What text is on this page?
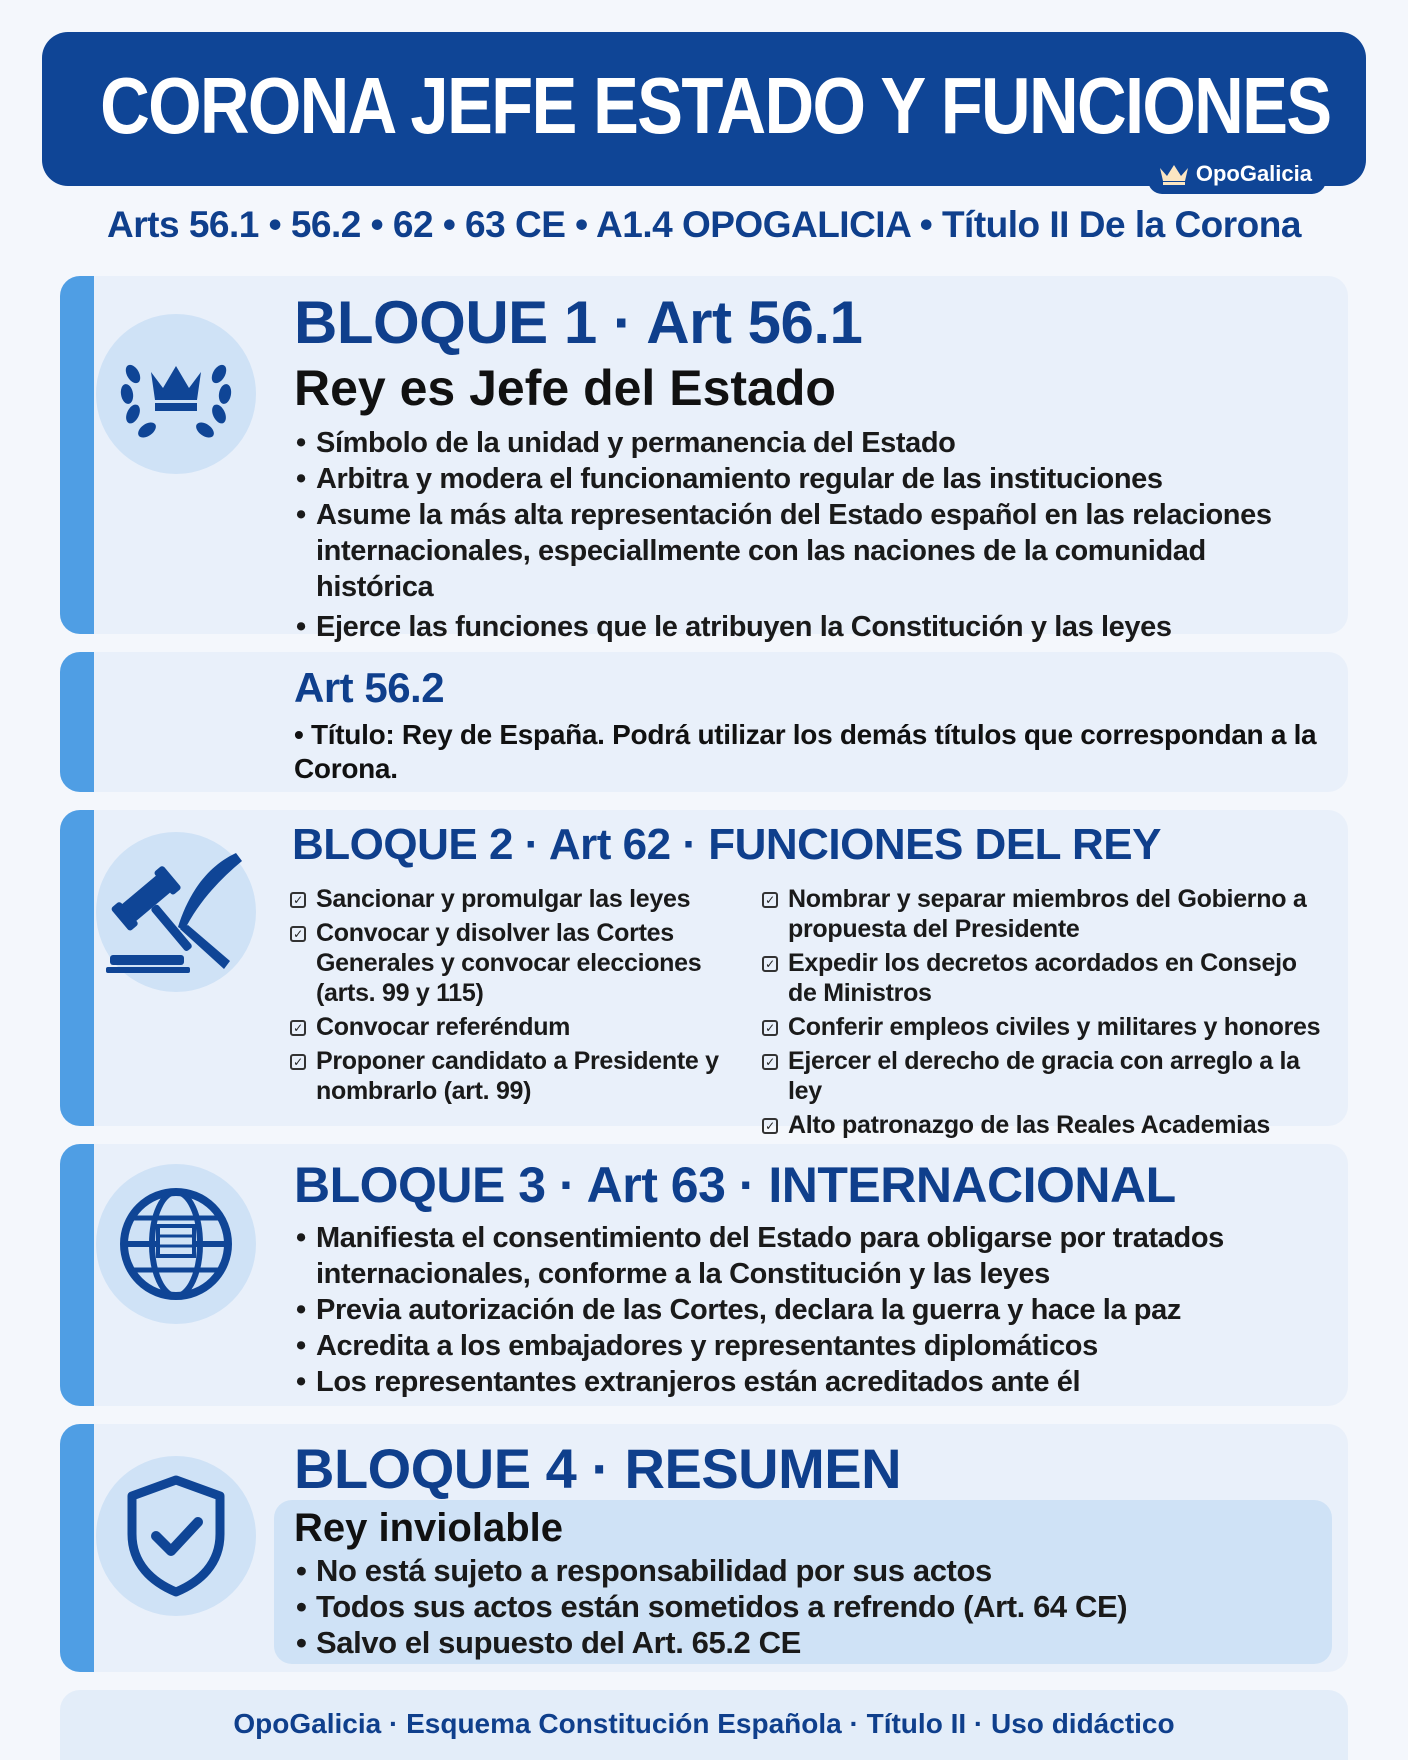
CORONA JEFE ESTADO Y FUNCIONES
OpoGalicia
Arts 56.1 • 56.2 • 62 • 63 CE • A1.4 OPOGALICIA • Título II De la Corona
BLOQUE 1 · Art 56.1
Rey es Jefe del Estado
• Símbolo de la unidad y permanencia del Estado
• Arbitra y modera el funcionamiento regular de las instituciones
• Asume la más alta representación del Estado español en las relaciones internacionales, especiallmente con las naciones de la comunidad histórica
• Ejerce las funciones que le atribuyen la Constitución y las leyes
Art 56.2
• Título: Rey de España. Podrá utilizar los demás títulos que correspondan a la Corona.
BLOQUE 2 · Art 62 · FUNCIONES DEL REY
✓ Sancionar y promulgar las leyes
✓ Convocar y disolver las Cortes Generales y convocar elecciones (arts. 99 y 115)
✓ Convocar referéndum
✓ Proponer candidato a Presidente y nombrarlo (art. 99)
✓ Nombrar y separar miembros del Gobierno a propuesta del Presidente
✓ Expedir los decretos acordados en Consejo de Ministros
✓ Conferir empleos civiles y militares y honores
✓ Ejercer el derecho de gracia con arreglo a la ley
✓ Alto patronazgo de las Reales Academias
BLOQUE 3 · Art 63 · INTERNACIONAL
• Manifiesta el consentimiento del Estado para obligarse por tratados internacionales, conforme a la Constitución y las leyes
• Previa autorización de las Cortes, declara la guerra y hace la paz
• Acredita a los embajadores y representantes diplomáticos
• Los representantes extranjeros están acreditados ante él
BLOQUE 4 · RESUMEN
Rey inviolable
• No está sujeto a responsabilidad por sus actos
• Todos sus actos están sometidos a refrendo (Art. 64 CE)
• Salvo el supuesto del Art. 65.2 CE
OpoGalicia · Esquema Constitución Española · Título II · Uso didáctico
